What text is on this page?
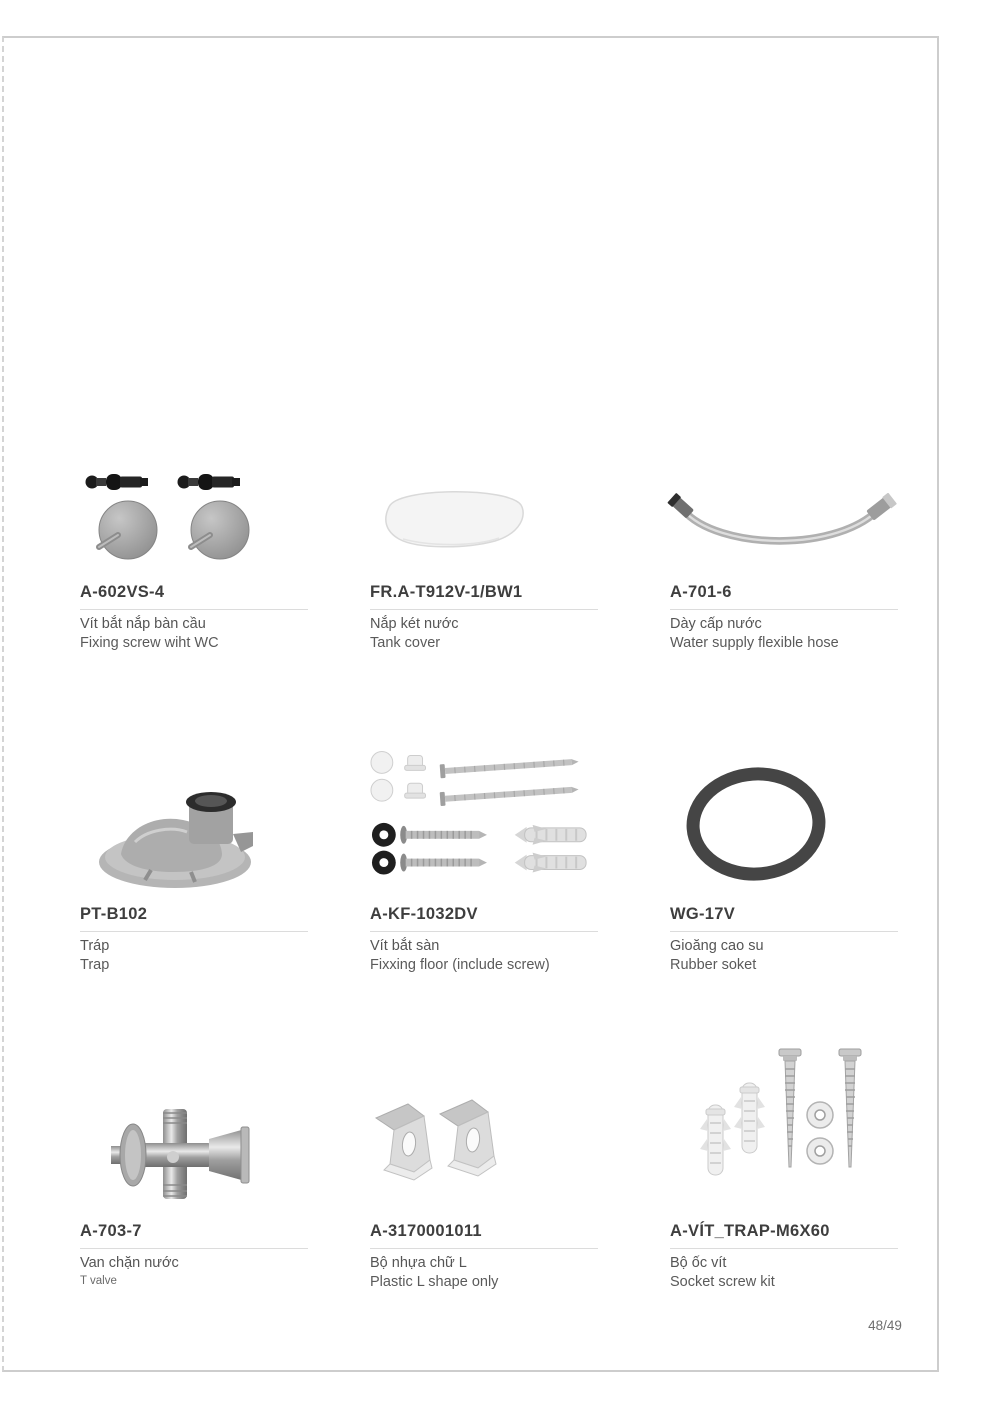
A-602VS-4
Vít bắt nắp bàn cầu
Fixing screw wiht WC
FR.A-T912V-1/BW1
Nắp két nước
Tank cover
A-701-6
Dày cấp nước
Water supply flexible hose
PT-B102
Tráp
Trap
A-KF-1032DV
Vít bắt sàn
Fixxing floor (include screw)
WG-17V
Gioăng cao su
Rubber soket
A-703-7
Van chặn nước
T valve
A-3170001011
Bộ nhựa chữ L
Plastic L shape only
A-VÍT_TRAP-M6X60
Bộ ốc vít
Socket screw kit
48/49
